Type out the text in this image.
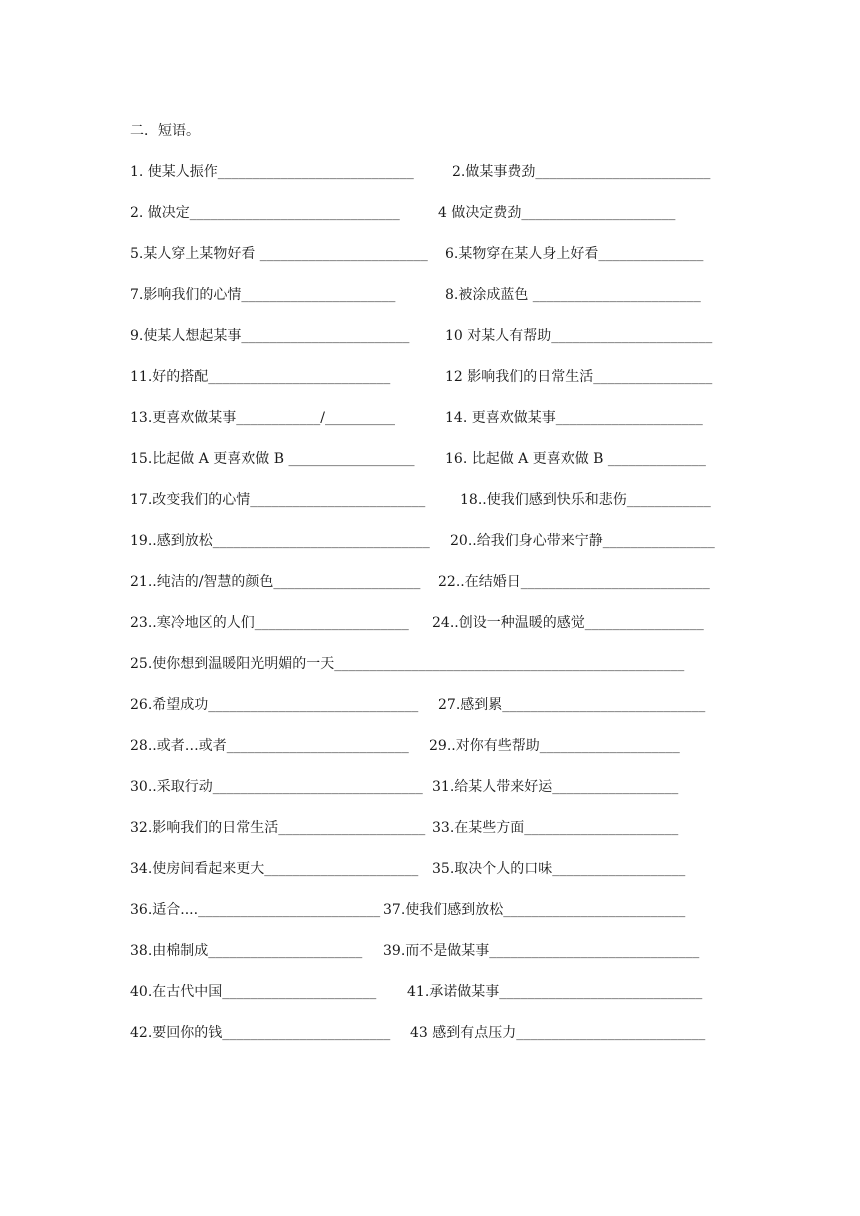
二．短语。
1. 使某人振作____________________________	2.做某事费劲_________________________
2. 做决定______________________________	4 做决定费劲______________________
5.某人穿上某物好看 ________________________ 6.某物穿在某人身上好看_______________
7.影响我们的心情______________________	8.被涂成蓝色 ________________________
9.使某人想起某事________________________	10 对某人有帮助_______________________
11.好的搭配__________________________	12 影响我们的日常生活_________________
13.更喜欢做某事____________/__________	14. 更喜欢做某事_____________________
15.比起做 A 更喜欢做 B __________________ 16. 比起做 A 更喜欢做 B ______________
17.改变我们的心情_________________________ 18..使我们感到快乐和悲伤____________
19..感到放松_______________________________ 20..给我们身心带来宁静________________
21..纯洁的/智慧的颜色_____________________ 22..在结婚日___________________________
23..寒冷地区的人们______________________ 24..创设一种温暖的感觉_________________
25.使你想到温暖阳光明媚的一天__________________________________________________
26.希望成功______________________________ 27.感到累_____________________________
28..或者…或者__________________________ 29..对你有些帮助____________________
30..采取行动______________________________ 31.给某人带来好运__________________
32.影响我们的日常生活_____________________ 33.在某些方面______________________
34.使房间看起来更大______________________ 35.取决个人的口味___________________
36.适合....__________________________ 37.使我们感到放松__________________________
38.由棉制成______________________ 39.而不是做某事______________________________
40.在古代中国______________________ 41.承诺做某事_____________________________
42.要回你的钱________________________ 43 感到有点压力___________________________
